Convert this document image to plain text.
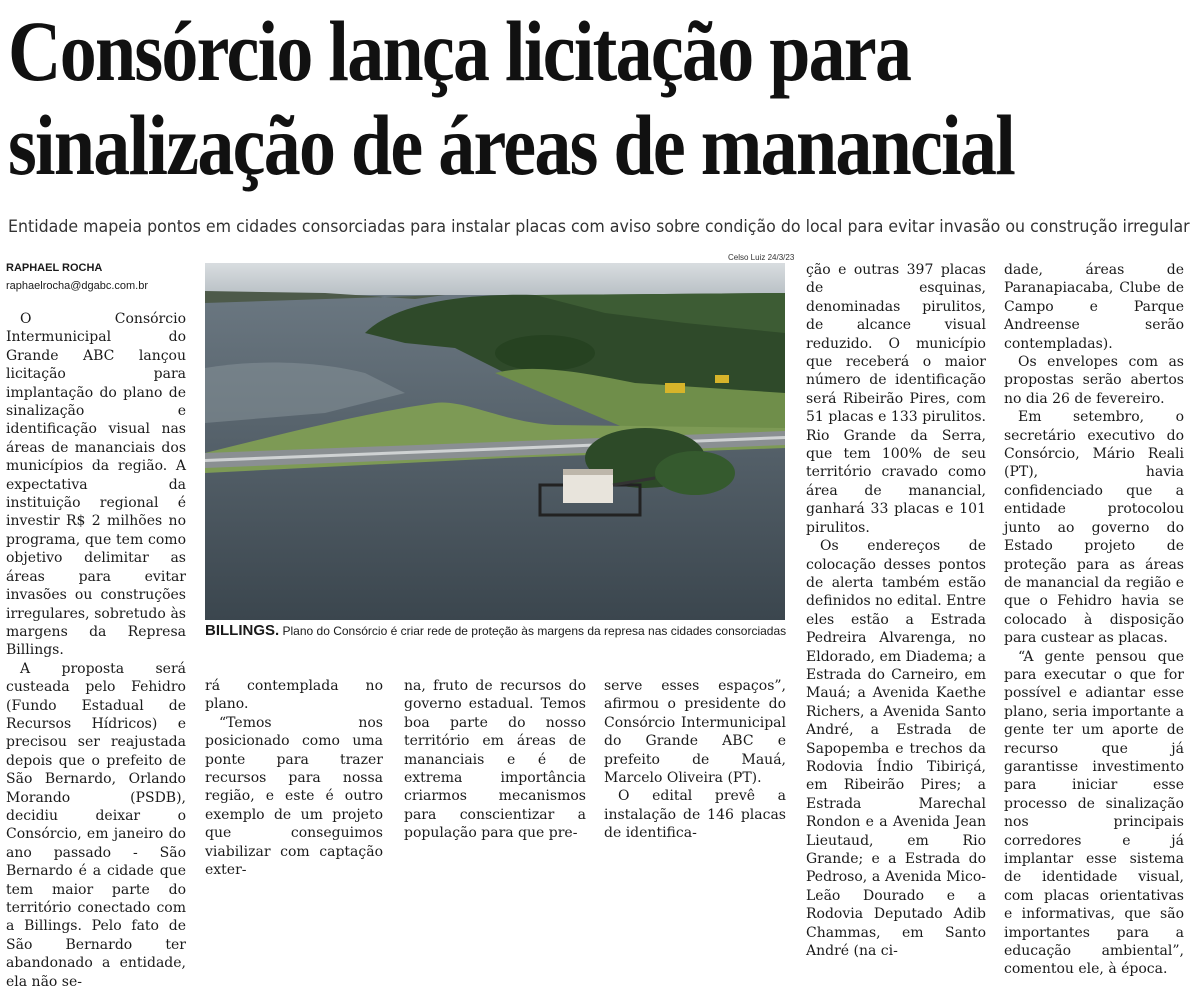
Consórcio lança licitação para
sinalização de áreas de manancial
Entidade mapeia pontos em cidades consorciadas para instalar placas com aviso sobre condição do local para evitar invasão ou construção irregular
RAPHAEL ROCHA
raphaelrocha@dgabc.com.br

O Consórcio Intermunicipal do Grande ABC lançou licitação para implantação do plano de sinalização e identificação visual nas áreas de mananciais dos municípios da região. A expectativa da instituição regional é investir R$ 2 milhões no programa, que tem como objetivo delimitar as áreas para evitar invasões ou construções irregulares, sobretudo às margens da Represa Billings.

A proposta será custeada pelo Fehidro (Fundo Estadual de Recursos Hídricos) e precisou ser reajustada depois que o prefeito de São Bernardo, Orlando Morando (PSDB), decidiu deixar o Consórcio, em janeiro do ano passado - São Bernardo é a cidade que tem maior parte do território conectado com a Billings. Pelo fato de São Bernardo ter abandonado a entidade, ela não se-

Celso Luiz 24/3/23
BILLINGS. Plano do Consórcio é criar rede de proteção às margens da represa nas cidades consorciadas

rá contemplada no plano.

“Temos nos posicionado como uma ponte para trazer recursos para nossa região, e este é outro exemplo de um projeto que conseguimos viabilizar com captação exter-

na, fruto de recursos do governo estadual. Temos boa parte do nosso território em áreas de mananciais e é de extrema importância criarmos mecanismos para conscientizar a população para que pre-

serve esses espaços”, afirmou o presidente do Consórcio Intermunicipal do Grande ABC e prefeito de Mauá, Marcelo Oliveira (PT).

O edital prevê a instalação de 146 placas de identifica-

ção e outras 397 placas de esquinas, denominadas pirulitos, de alcance visual reduzido. O município que receberá o maior número de identificação será Ribeirão Pires, com 51 placas e 133 pirulitos. Rio Grande da Serra, que tem 100% de seu território cravado como área de manancial, ganhará 33 placas e 101 pirulitos.

Os endereços de colocação desses pontos de alerta também estão definidos no edital. Entre eles estão a Estrada Pedreira Alvarenga, no Eldorado, em Diadema; a Estrada do Carneiro, em Mauá; a Avenida Kaethe Richers, a Avenida Santo André, a Estrada de Sapopemba e trechos da Rodovia Índio Tibiriçá, em Ribeirão Pires; a Estrada Marechal Rondon e a Avenida Jean Lieutaud, em Rio Grande; e a Estrada do Pedroso, a Avenida Mico-Leão Dourado e a Rodovia Deputado Adib Chammas, em Santo André (na ci-

dade, áreas de Paranapiacaba, Clube de Campo e Parque Andreense serão contempladas).

Os envelopes com as propostas serão abertos no dia 26 de fevereiro.

Em setembro, o secretário executivo do Consórcio, Mário Reali (PT), havia confidenciado que a entidade protocolou junto ao governo do Estado projeto de proteção para as áreas de manancial da região e que o Fehidro havia se colocado à disposição para custear as placas.

“A gente pensou que para executar o que for possível e adiantar esse plano, seria importante a gente ter um aporte de recurso que já garantisse investimento para iniciar esse processo de sinalização nos principais corredores e já implantar esse sistema de identidade visual, com placas orientativas e informativas, que são importantes para a educação ambiental”, comentou ele, à época.
